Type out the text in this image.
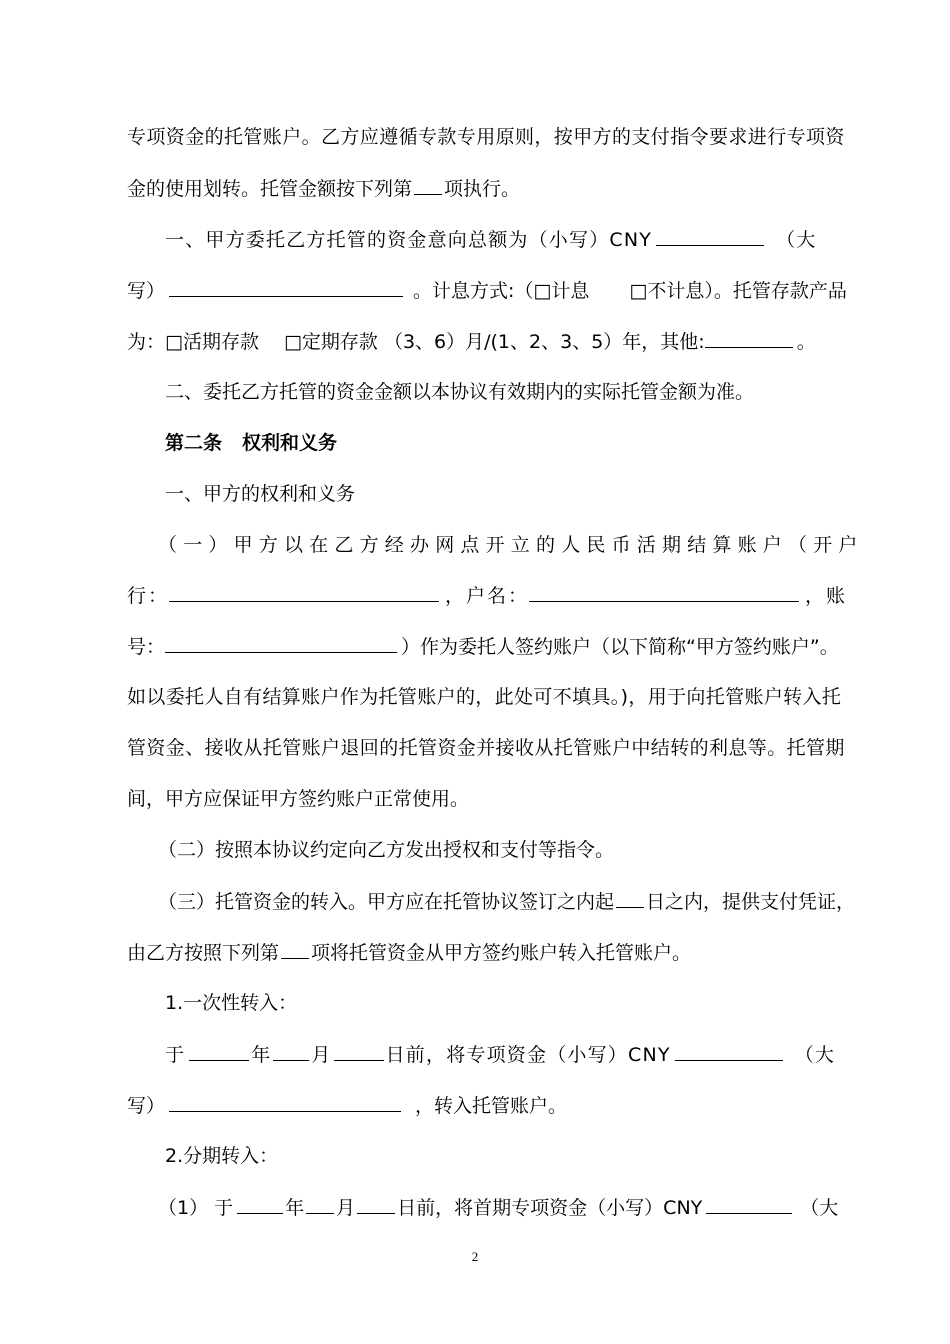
专项资金的托管账户。乙方应遵循专款专用原则，按甲方的支付指令要求进行专项资
金的使用划转。托管金额按下列第 项执行。
一、甲方委托乙方托管的资金意向总额为（小写）CNY	（大
写）	。计息方式:（□计息 □不计息）。托管存款产品
为：□活期存款 □定期存款 （3、6）月/(1、2、3、5）年，其他:	。
二、委托乙方托管的资金金额以本协议有效期内的实际托管金额为准。
第二条 权利和义务
一、甲方的权利和义务
（一）甲方以在乙方经办网点开立的人民币活期结算账户（开户
行：	，户名：	，账
号：	）作为委托人签约账户（以下简称“甲方签约账户”。
如以委托人自有结算账户作为托管账户的，此处可不填具。)，用于向托管账户转入托
管资金、接收从托管账户退回的托管资金并接收从托管账户中结转的利息等。托管期
间，甲方应保证甲方签约账户正常使用。
（二）按照本协议约定向乙方发出授权和支付等指令。
（三）托管资金的转入。甲方应在托管协议签订之内起 日之内，提供支付凭证，
由乙方按照下列第 项将托管资金从甲方签约账户转入托管账户。
1.一次性转入：
于	年 月	日前，将专项资金（小写）CNY	（大
写）	，转入托管账户。
2.分期转入：
（1） 于	年 月 日前，将首期专项资金（小写）CNY	（大
2
